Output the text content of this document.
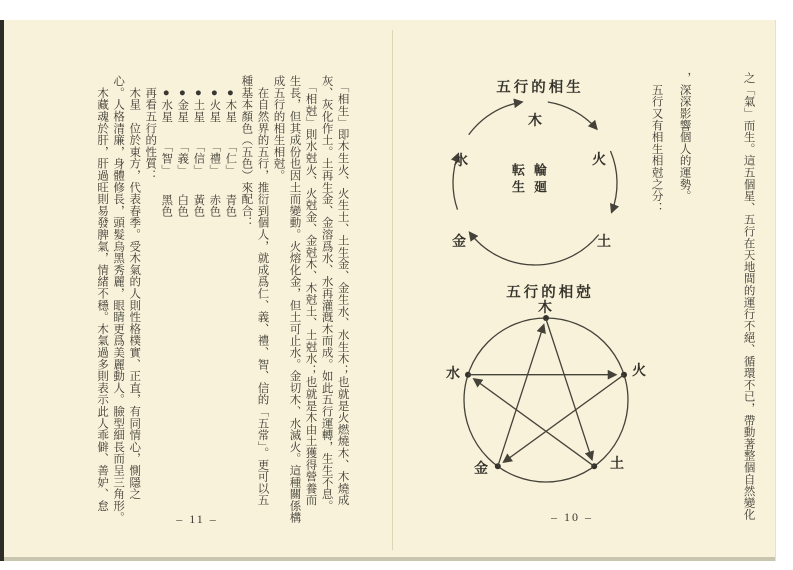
　「相生」即木生火、火生土、土生金、金生水、水生木；也就是火燃燒木、木燒成
灰、灰化作土。土再生金、金溶爲水、水再灌漑木而成。如此五行運轉，生生不息。
　「相尅」則水尅火、火尅金、金尅木、木尅土、土尅水；也就是木由土獲得營養而
生長，但其成份也因土而變動。火熔化金，但土可止水。金切木、水滅火。這種關係構
成五行的相生相尅。
　在自然界的五行，推衍到個人，就成爲仁、義、禮、智、信的「五常」。更可以五
種基本顏色（五色）來配合：
　●木星　　「仁」　　青色
　●火星　　「禮」　　赤色
　●土星　　「信」　　黃色
　●金星　　「義」　　白色
　●水星　　「智」　　黑色
　再看五行的性質：
　木星　位於東方，代表春季。受木氣的人則性格樸實、正直，有同情心，惻隱之
心。人格清廉，身體修長，頭髮烏黑秀麗，眼睛更爲美麗動人。臉型細長而呈三角形。
　木藏魂於肝，肝過旺則易發脾氣，情緒不穩。木氣過多則表示此人乖僻、善妒、怠
– 11 –	之「氣」而生。這五個星、五行在天地間的運行不絕、循環不已，帶動著整個自然變化
，深深影響個人的運勢。
　五行又有相生相尅之分：
五行的相生
木
火
土
金
水
輪廻
転生
五行的相尅
木
火
水
土
金
– 10 –
